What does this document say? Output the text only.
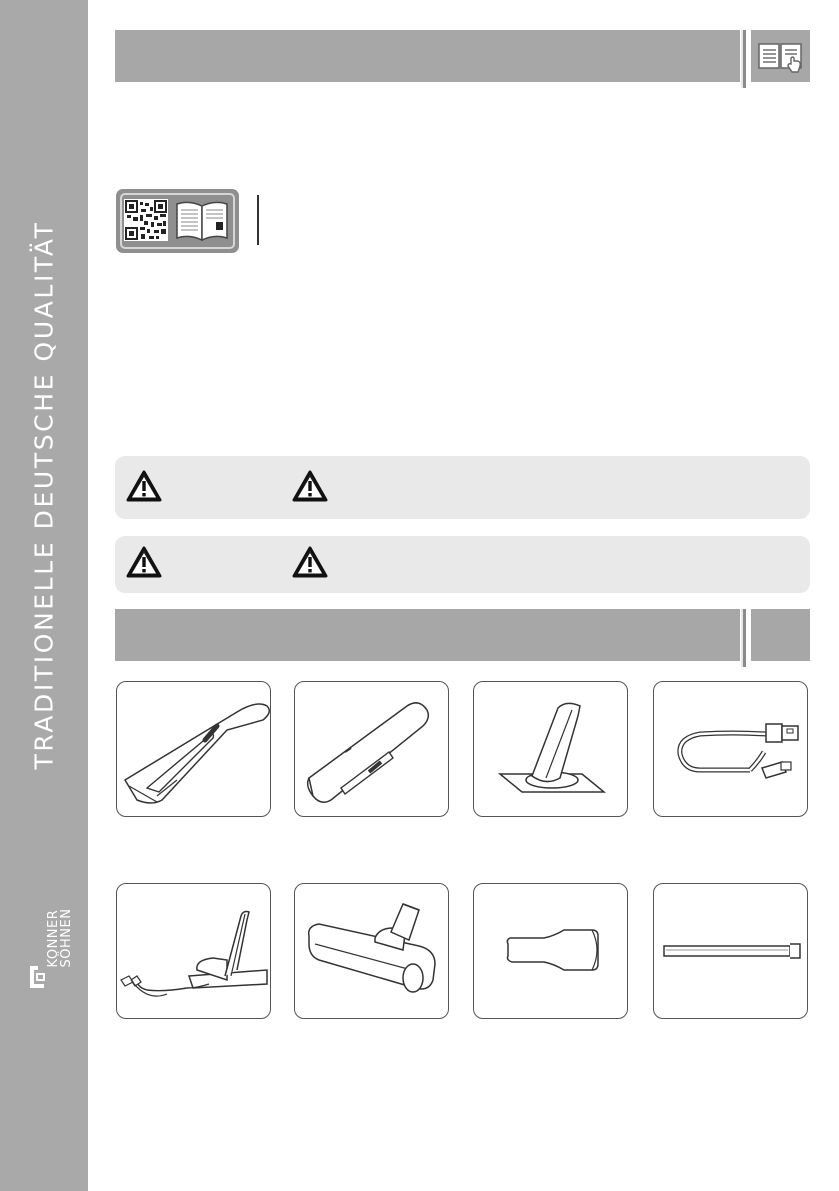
TRADITIONELLE DEUTSCHE QUALITÄT
KONNER
SÖHNEN
